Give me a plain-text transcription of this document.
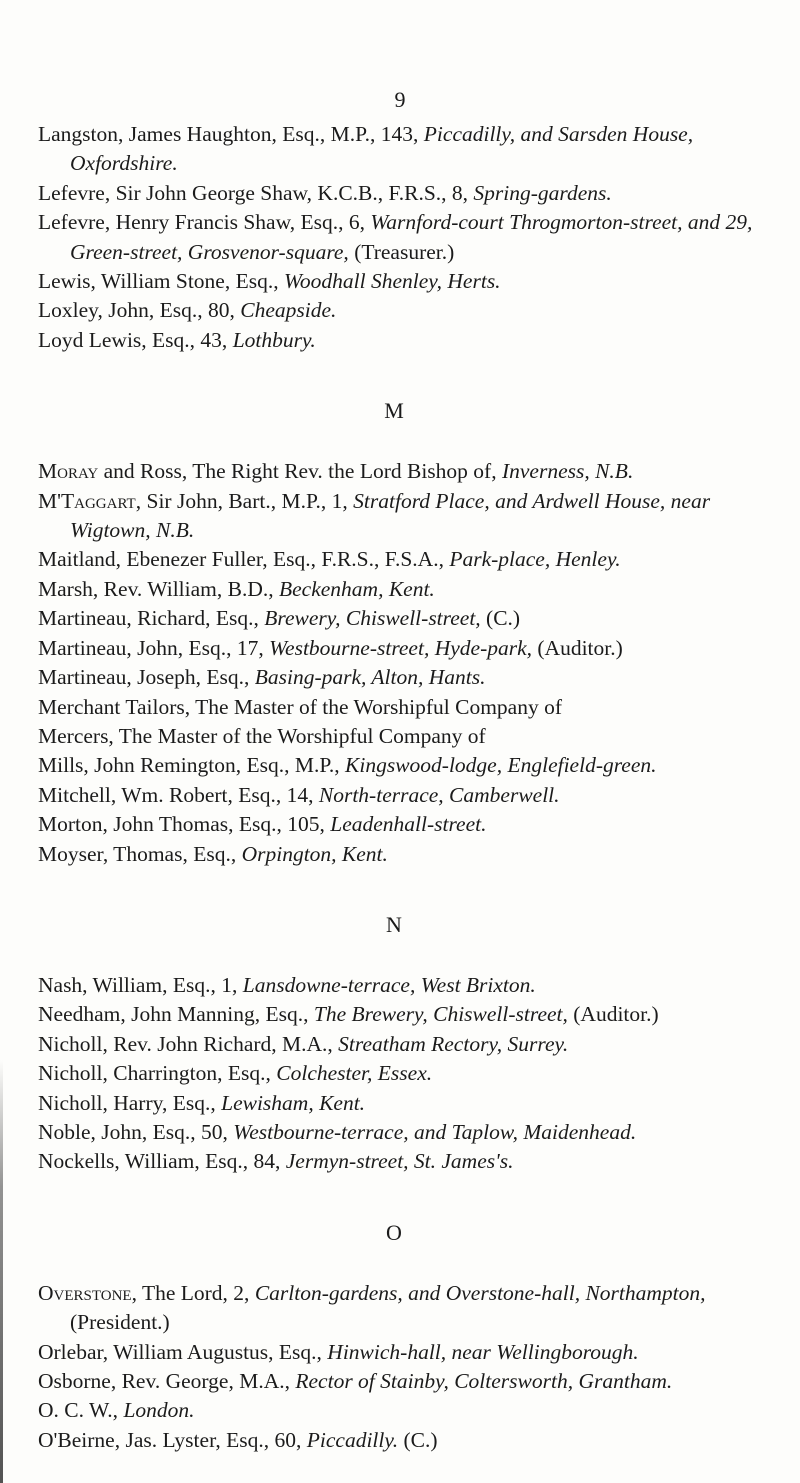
9
Langston, James Haughton, Esq., M.P., 143, Piccadilly, and Sarsden House, Oxfordshire.
Lefevre, Sir John George Shaw, K.C.B., F.R.S., 8, Spring-gardens.
Lefevre, Henry Francis Shaw, Esq., 6, Warnford-court Throgmorton-street, and 29, Green-street, Grosvenor-square, (Treasurer.)
Lewis, William Stone, Esq., Woodhall Shenley, Herts.
Loxley, John, Esq., 80, Cheapside.
Loyd Lewis, Esq., 43, Lothbury.
M
Moray and Ross, The Right Rev. the Lord Bishop of, Inverness, N.B.
M'Taggart, Sir John, Bart., M.P., 1, Stratford Place, and Ardwell House, near Wigtown, N.B.
Maitland, Ebenezer Fuller, Esq., F.R.S., F.S.A., Park-place, Henley.
Marsh, Rev. William, B.D., Beckenham, Kent.
Martineau, Richard, Esq., Brewery, Chiswell-street, (C.)
Martineau, John, Esq., 17, Westbourne-street, Hyde-park, (Auditor.)
Martineau, Joseph, Esq., Basing-park, Alton, Hants.
Merchant Tailors, The Master of the Worshipful Company of
Mercers, The Master of the Worshipful Company of
Mills, John Remington, Esq., M.P., Kingswood-lodge, Englefield-green.
Mitchell, Wm. Robert, Esq., 14, North-terrace, Camberwell.
Morton, John Thomas, Esq., 105, Leadenhall-street.
Moyser, Thomas, Esq., Orpington, Kent.
N
Nash, William, Esq., 1, Lansdowne-terrace, West Brixton.
Needham, John Manning, Esq., The Brewery, Chiswell-street, (Auditor.)
Nicholl, Rev. John Richard, M.A., Streatham Rectory, Surrey.
Nicholl, Charrington, Esq., Colchester, Essex.
Nicholl, Harry, Esq., Lewisham, Kent.
Noble, John, Esq., 50, Westbourne-terrace, and Taplow, Maidenhead.
Nockells, William, Esq., 84, Jermyn-street, St. James's.
O
Overstone, The Lord, 2, Carlton-gardens, and Overstone-hall, Northampton, (President.)
Orlebar, William Augustus, Esq., Hinwich-hall, near Wellingborough.
Osborne, Rev. George, M.A., Rector of Stainby, Coltersworth, Grantham.
O. C. W., London.
O'Beirne, Jas. Lyster, Esq., 60, Piccadilly. (C.)
